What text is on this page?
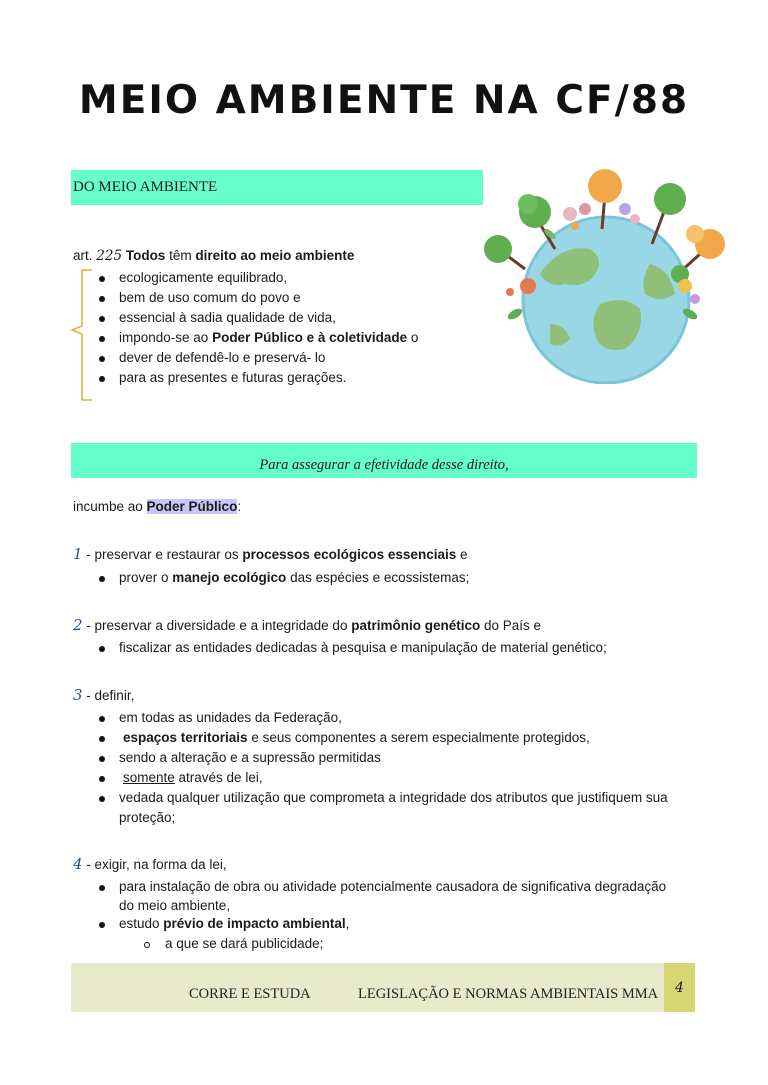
MEIO AMBIENTE NA CF/88
DO MEIO AMBIENTE
art. 225 Todos têm direito ao meio ambiente
ecologicamente equilibrado,
bem de uso comum do povo e
essencial à sadia qualidade de vida,
impondo-se ao Poder Público e à coletividade o
dever de defendê-lo e preservá- lo
para as presentes e futuras gerações.
Para assegurar a efetividade desse direito,
incumbe ao Poder Público:
1 - preservar e restaurar os processos ecológicos essenciais e
prover o manejo ecológico das espécies e ecossistemas;
2 - preservar a diversidade e a integridade do patrimônio genético do País e
fiscalizar as entidades dedicadas à pesquisa e manipulação de material genético;
3 - definir,
em todas as unidades da Federação,
espaços territoriais e seus componentes a serem especialmente protegidos,
sendo a alteração e a supressão permitidas
somente através de lei,
vedada qualquer utilização que comprometa a integridade dos atributos que justifiquem sua
proteção;
4 - exigir, na forma da lei,
para instalação de obra ou atividade potencialmente causadora de significativa degradação
do meio ambiente,
estudo prévio de impacto ambiental,
a que se dará publicidade;
CORRE E ESTUDA	LEGISLAÇÃO E NORMAS AMBIENTAIS MMA	4
